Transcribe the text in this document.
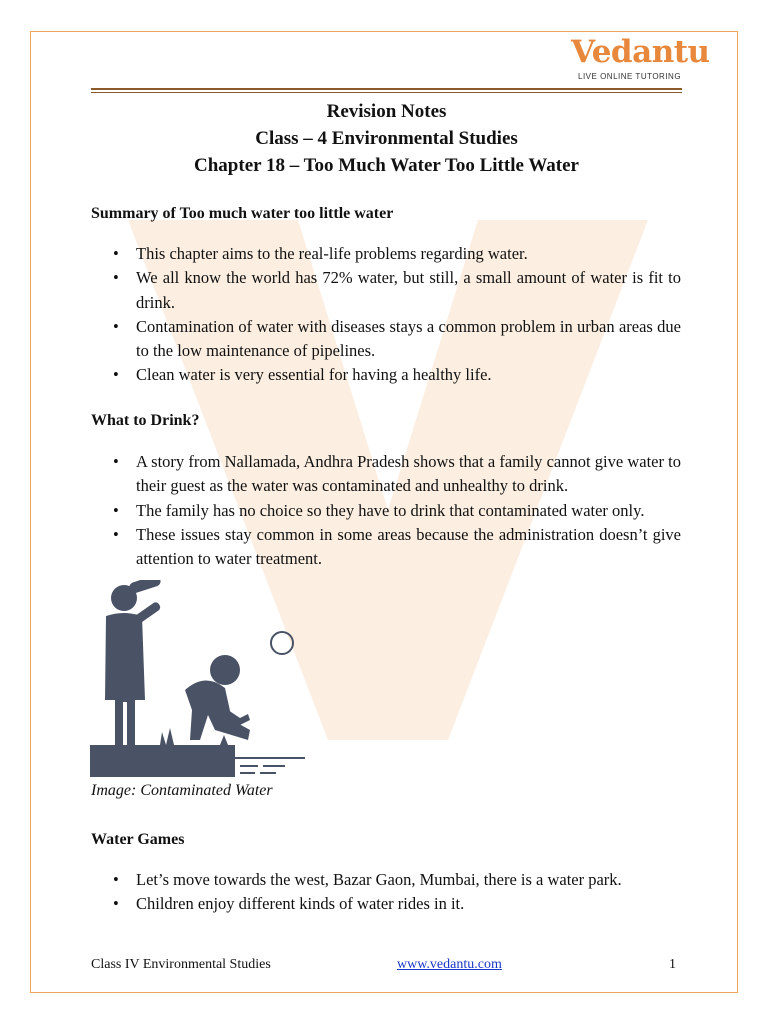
Vedantu
LIVE ONLINE TUTORING
Revision Notes
Class – 4 Environmental Studies
Chapter 18 – Too Much Water Too Little Water
Summary of Too much water too little water
• This chapter aims to the real-life problems regarding water.
• We all know the world has 72% water, but still, a small amount of water is fit to drink.
• Contamination of water with diseases stays a common problem in urban areas due to the low maintenance of pipelines.
• Clean water is very essential for having a healthy life.
What to Drink?
• A story from Nallamada, Andhra Pradesh shows that a family cannot give water to their guest as the water was contaminated and unhealthy to drink.
• The family has no choice so they have to drink that contaminated water only.
• These issues stay common in some areas because the administration doesn’t give attention to water treatment.
Image: Contaminated Water
Water Games
• Let’s move towards the west, Bazar Gaon, Mumbai, there is a water park.
• Children enjoy different kinds of water rides in it.
Class IV Environmental Studies	www.vedantu.com	1
